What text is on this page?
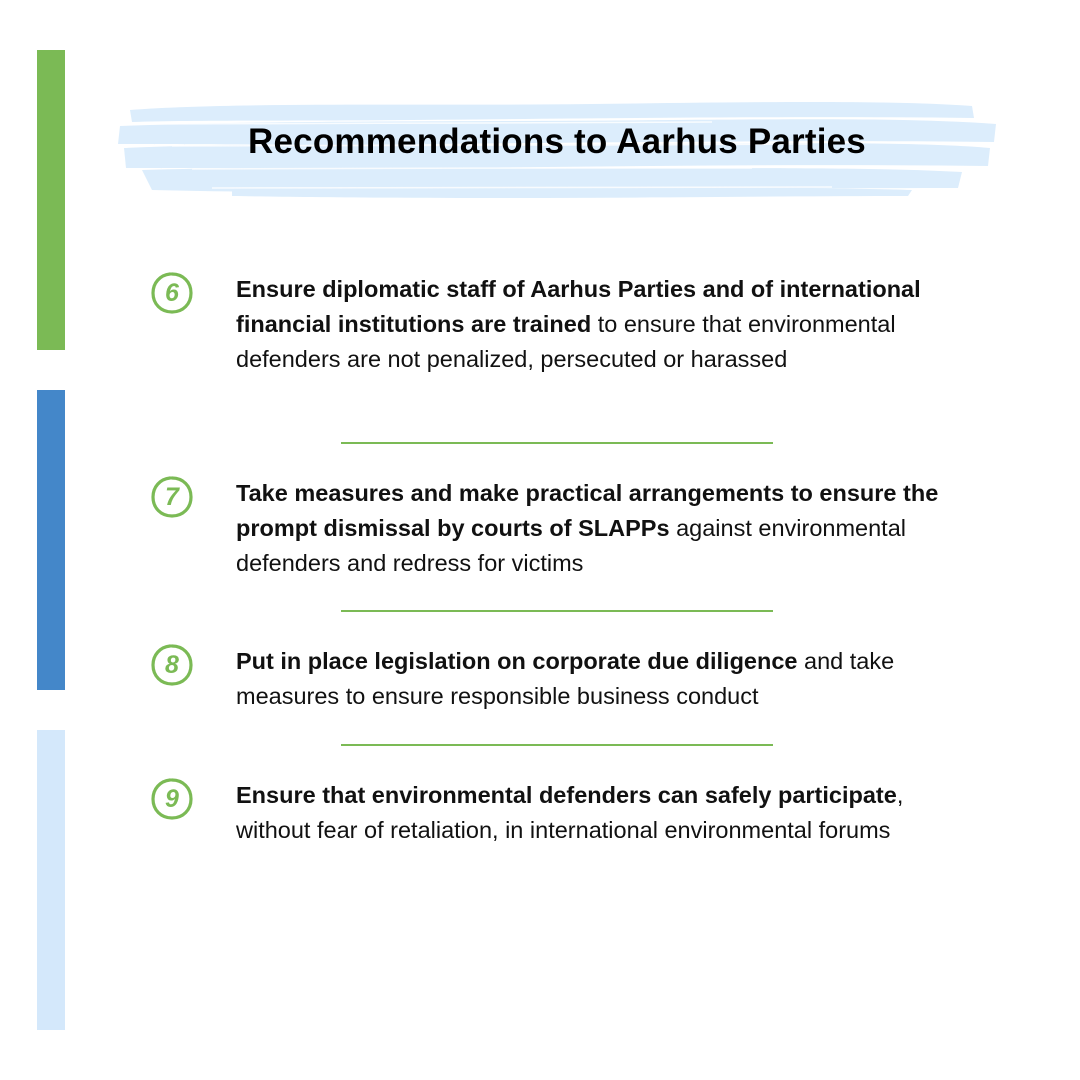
Recommendations to Aarhus Parties
6	Ensure diplomatic staff of Aarhus Parties and of international financial institutions are trained to ensure that environmental defenders are not penalized, persecuted or harassed

7	Take measures and make practical arrangements to ensure the prompt dismissal by courts of SLAPPs against environmental defenders and redress for victims

8	Put in place legislation on corporate due diligence and take measures to ensure responsible business conduct

9	Ensure that environmental defenders can safely participate, without fear of retaliation, in international environmental forums
